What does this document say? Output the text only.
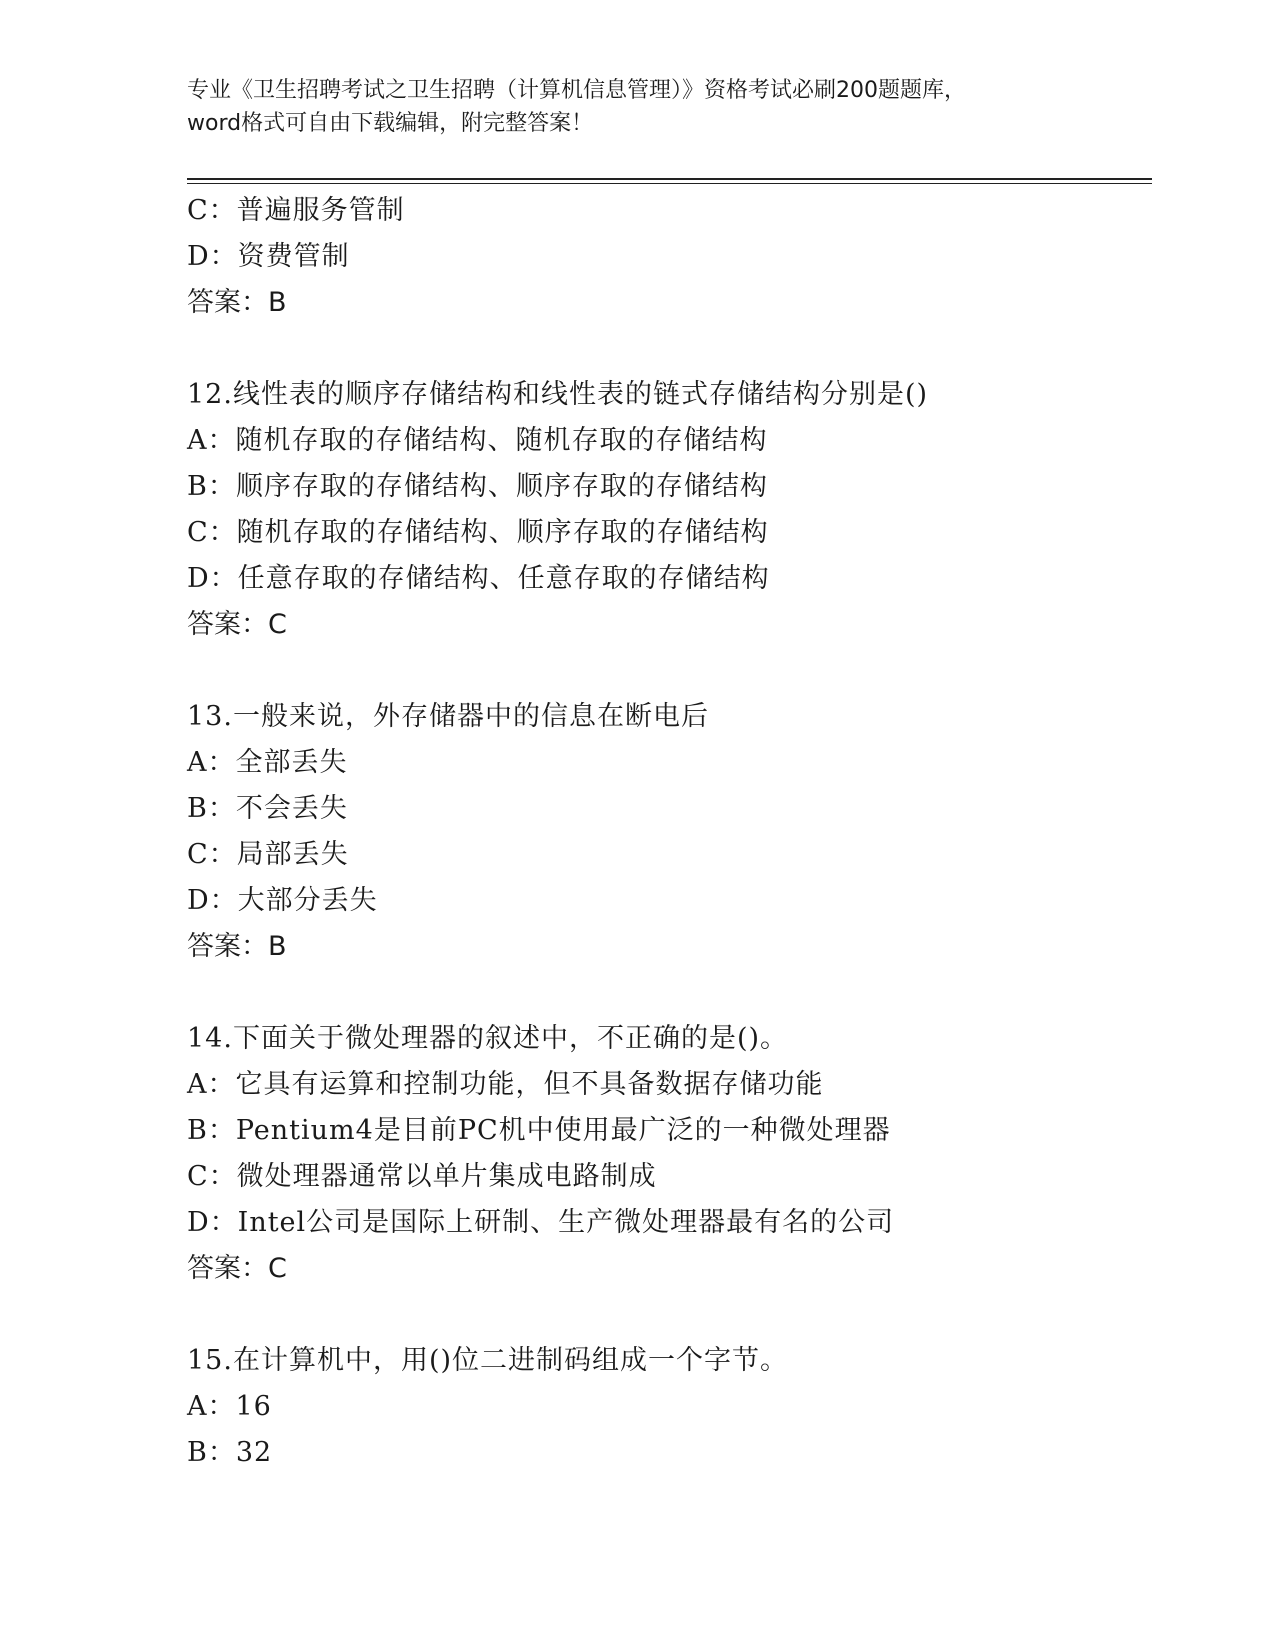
专业《卫生招聘考试之卫生招聘（计算机信息管理）》资格考试必刷200题题库，

word格式可自由下载编辑，附完整答案！

C：普遍服务管制
D：资费管制
答案：B
12.线性表的顺序存储结构和线性表的链式存储结构分别是()
A：随机存取的存储结构、随机存取的存储结构
B：顺序存取的存储结构、顺序存取的存储结构
C：随机存取的存储结构、顺序存取的存储结构
D：任意存取的存储结构、任意存取的存储结构
答案：C
13.一般来说，外存储器中的信息在断电后
A：全部丢失
B：不会丢失
C：局部丢失
D：大部分丢失
答案：B
14.下面关于微处理器的叙述中，不正确的是()。
A：它具有运算和控制功能，但不具备数据存储功能
B：Pentium4是目前PC机中使用最广泛的一种微处理器
C：微处理器通常以单片集成电路制成
D：Intel公司是国际上研制、生产微处理器最有名的公司
答案：C
15.在计算机中，用()位二进制码组成一个字节。
A：16
B：32
